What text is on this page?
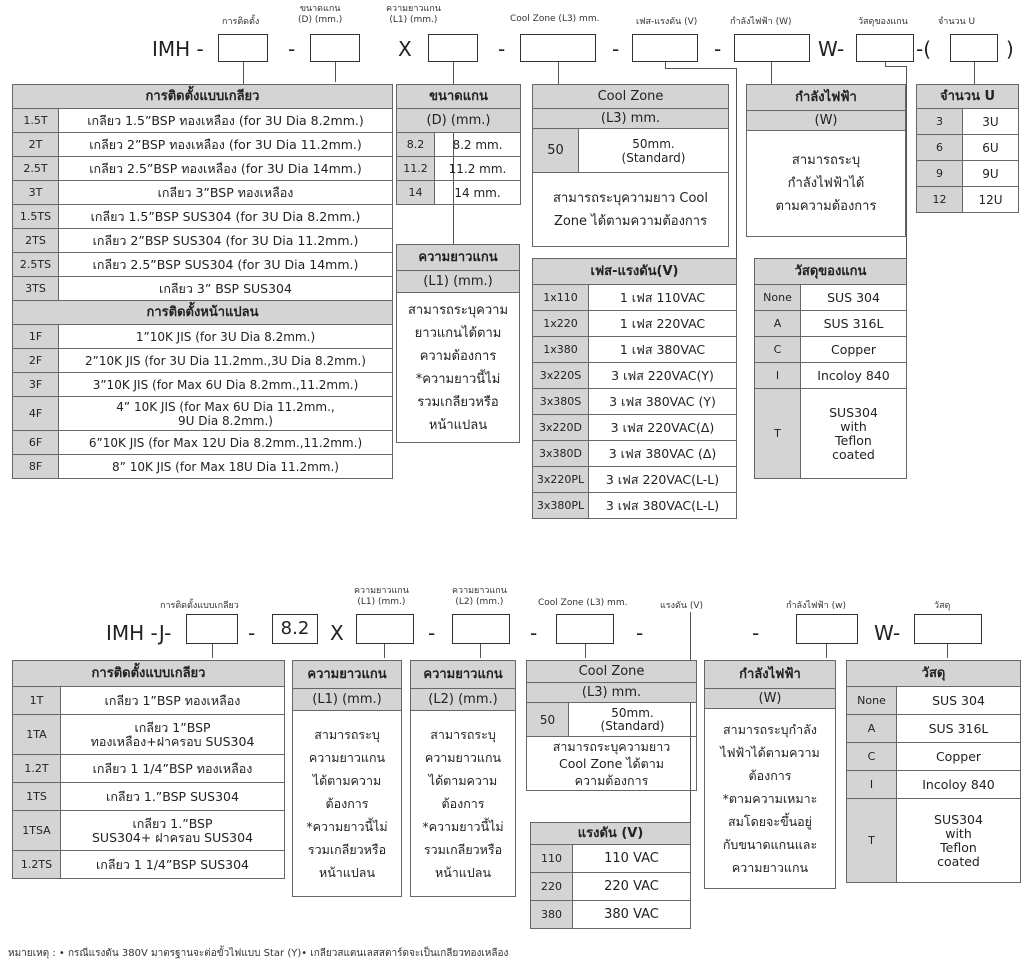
การติดตั้ง
ขนาดแกน
(D) (mm.)
ความยาวแกน
(L1) (mm.)	Cool Zone (L3) mm.	เฟส-แรงดัน (V)	กำลังไฟฟ้า (W)	วัสดุของแกน	จำนวน U
IMH -	-	X	-	-	-	W-	-(	)
การติดตั้งแบบเกลียว	
1.5T	เกลียว 1.5”BSP ทองเหลือง (for 3U Dia 8.2mm.)
2T	เกลียว 2”BSP ทองเหลือง (for 3U Dia 11.2mm.)
2.5T	เกลียว 2.5”BSP ทองเหลือง (for 3U Dia 14mm.)
3T	เกลียว 3”BSP ทองเหลือง
1.5TS	เกลียว 1.5”BSP SUS304 (for 3U Dia 8.2mm.)
2TS	เกลียว 2”BSP SUS304 (for 3U Dia 11.2mm.)
2.5TS	เกลียว 2.5”BSP SUS304 (for 3U Dia 14mm.)
3TS	เกลียว 3” BSP SUS304
การติดตั้งหน้าแปลน	
1F	1”10K JIS (for 3U Dia 8.2mm.)
2F	2”10K JIS (for 3U Dia 11.2mm.,3U Dia 8.2mm.)
3F	3”10K JIS (for Max 6U Dia 8.2mm.,11.2mm.)
4F	4” 10K JIS (for Max 6U Dia 11.2mm.,
9U Dia 8.2mm.)
6F	6”10K JIS (for Max 12U Dia 8.2mm.,11.2mm.)
8F	8” 10K JIS (for Max 18U Dia 11.2mm.)
ขนาดแกน	
(D) (mm.)	
8.2	8.2 mm.
11.2	11.2 mm.
14	14 mm.
ความยาวแกน
(L1) (mm.)
สามารถระบุความ
ยาวแกนได้ตาม
ความต้องการ
*ความยาวนี้ไม่
รวมเกลียวหรือ
หน้าแปลน
Cool Zone
(L3) mm.
50	50mm.
(Standard)
สามารถระบุความยาว Cool
Zone ได้ตามความต้องการ
เฟส-แรงดัน(V)	
1x110	1 เฟส 110VAC
1x220	1 เฟส 220VAC
1x380	1 เฟส 380VAC
3x220S	3 เฟส 220VAC(Y)
3x380S	3 เฟส 380VAC (Y)
3x220D	3 เฟส 220VAC(Δ)
3x380D	3 เฟส 380VAC (Δ)
3x220PL	3 เฟส 220VAC(L-L)
3x380PL	3 เฟส 380VAC(L-L)
กำลังไฟฟ้า
(W)
สามารถระบุ
กำลังไฟฟ้าได้
ตามความต้องการ
จำนวน U	
3	3U
6	6U
9	9U
12	12U
วัสดุของแกน	
None	SUS 304
A	SUS 316L
C	Copper
I	Incoloy 840
T	SUS304
with
Teflon
coated
การติดตั้งแบบเกลียว
ความยาวแกน
(L1) (mm.)
ความยาวแกน
(L2) (mm.)	Cool Zone (L3) mm.	แรงดัน (V)	กำลังไฟฟ้า (w)	วัสดุ
IMH -J-	-	8.2	X	-	-	-	W-
-
การติดตั้งแบบเกลียว	
1T	เกลียว 1”BSP ทองเหลือง
1TA	เกลียว 1”BSP
ทองเหลือง+ฝาครอบ SUS304
1.2T	เกลียว 1 1/4”BSP ทองเหลือง
1TS	เกลียว 1.”BSP SUS304
1TSA	เกลียว 1.”BSP
SUS304+ ฝาครอบ SUS304
1.2TS	เกลียว 1 1/4”BSP SUS304
ความยาวแกน
(L1) (mm.)
สามารถระบุ
ความยาวแกน
ได้ตามความ
ต้องการ
*ความยาวนี้ไม่
รวมเกลียวหรือ
หน้าแปลน
ความยาวแกน
(L2) (mm.)
สามารถระบุ
ความยาวแกน
ได้ตามความ
ต้องการ
*ความยาวนี้ไม่
รวมเกลียวหรือ
หน้าแปลน
Cool Zone
(L3) mm.
50	50mm.
(Standard)
สามารถระบุความยาว
Cool Zone ได้ตาม
ความต้องการ
แรงดัน (V)	
110	110 VAC
220	220 VAC
380	380 VAC
กำลังไฟฟ้า
(W)
สามารถระบุกำลัง
ไฟฟ้าได้ตามความ
ต้องการ
*ตามความเหมาะ
สมโดยจะขึ้นอยู่
กับขนาดแกนและ
ความยาวแกน
วัสดุ	
None	SUS 304
A	SUS 316L
C	Copper
I	Incoloy 840
T	SUS304
with
Teflon
coated
หมายเหตุ : • กรณีแรงดัน 380V มาตรฐานจะต่อขั้วไฟแบบ Star (Y)• เกลียวสแตนเลสสตาร์ดจะเป็นเกลียวทองเหลือง
